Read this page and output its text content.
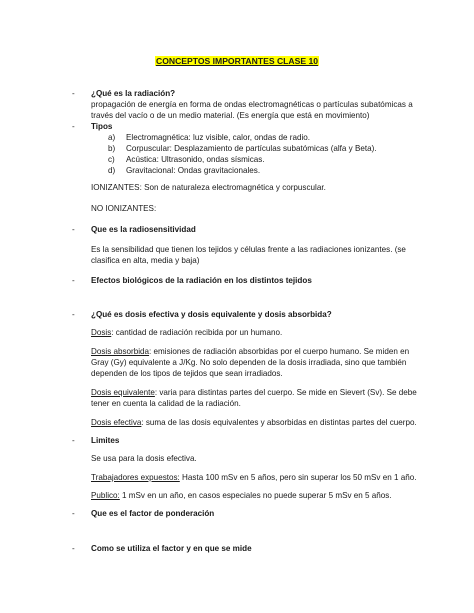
CONCEPTOS IMPORTANTES CLASE 10
- ¿Qué es la radiación?
propagación de energía en forma de ondas electromagnéticas o partículas subatómicas a
través del vacío o de un medio material. (Es energía que está en movimiento)
- Tipos
a) Electromagnética: luz visible, calor, ondas de radio.
b) Corpuscular: Desplazamiento de partículas subatómicas (alfa y Beta).
c) Acústica: Ultrasonido, ondas sísmicas.
d) Gravitacional: Ondas gravitacionales.
IONIZANTES: Son de naturaleza electromagnética y corpuscular.
NO IONIZANTES:
- Que es la radiosensitividad
Es la sensibilidad que tienen los tejidos y células frente a las radiaciones ionizantes. (se
clasifica en alta, media y baja)
- Efectos biológicos de la radiación en los distintos tejidos
- ¿Qué es dosis efectiva y dosis equivalente y dosis absorbida?
Dosis: cantidad de radiación recibida por un humano.
Dosis absorbida: emisiones de radiación absorbidas por el cuerpo humano. Se miden en
Gray (Gy) equivalente a J/Kg. No solo dependen de la dosis irradiada, sino que también
dependen de los tipos de tejidos que sean irradiados.
Dosis equivalente: varia para distintas partes del cuerpo. Se mide en Sievert (Sv). Se debe
tener en cuenta la calidad de la radiación.
Dosis efectiva: suma de las dosis equivalentes y absorbidas en distintas partes del cuerpo.
- Limites
Se usa para la dosis efectiva.
Trabajadores expuestos: Hasta 100 mSv en 5 años, pero sin superar los 50 mSv en 1 año.
Publico: 1 mSv en un año, en casos especiales no puede superar 5 mSv en 5 años.
- Que es el factor de ponderación
- Como se utiliza el factor y en que se mide
